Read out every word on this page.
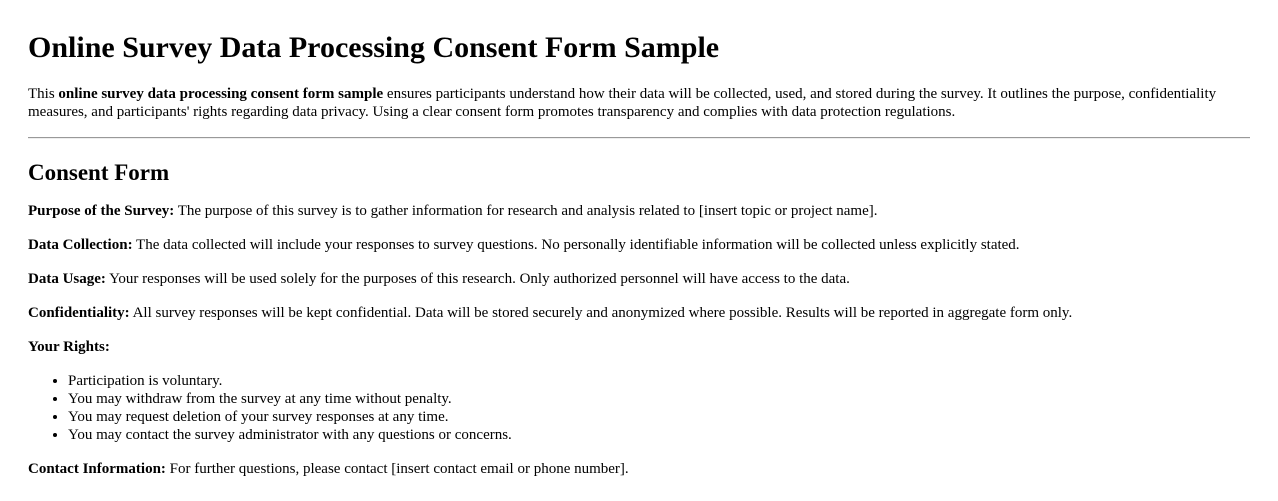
Online Survey Data Processing Consent Form Sample

This online survey data processing consent form sample ensures participants understand how their data will be collected, used, and stored during the survey. It outlines the purpose, confidentiality measures, and participants' rights regarding data privacy. Using a clear consent form promotes transparency and complies with data protection regulations.

Consent Form

Purpose of the Survey: The purpose of this survey is to gather information for research and analysis related to [insert topic or project name].

Data Collection: The data collected will include your responses to survey questions. No personally identifiable information will be collected unless explicitly stated.

Data Usage: Your responses will be used solely for the purposes of this research. Only authorized personnel will have access to the data.

Confidentiality: All survey responses will be kept confidential. Data will be stored securely and anonymized where possible. Results will be reported in aggregate form only.

Your Rights:

• Participation is voluntary.
• You may withdraw from the survey at any time without penalty.
• You may request deletion of your survey responses at any time.
• You may contact the survey administrator with any questions or concerns.

Contact Information: For further questions, please contact [insert contact email or phone number].
